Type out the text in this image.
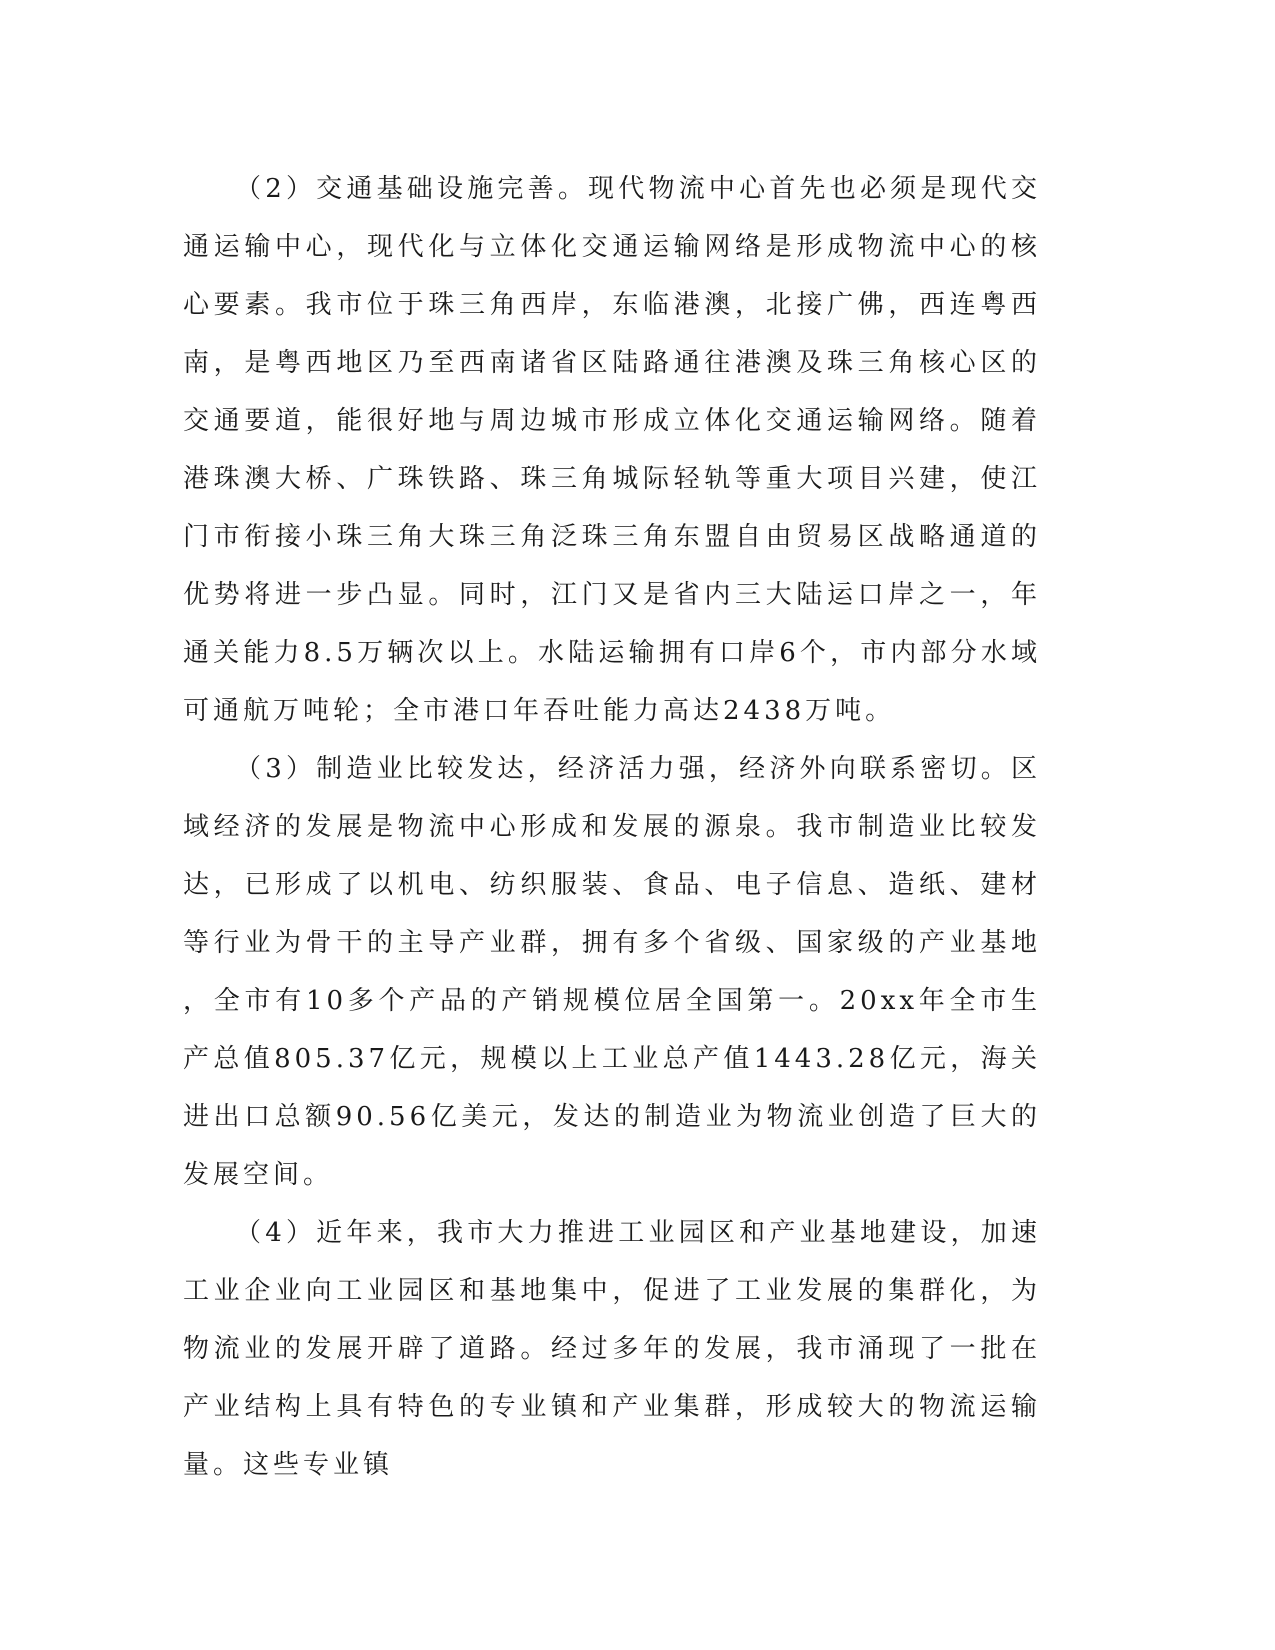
（2）交通基础设施完善。现代物流中心首先也必须是现代交通运输中心，现代化与立体化交通运输网络是形成物流中心的核心要素。我市位于珠三角西岸，东临港澳，北接广佛，西连粤西南，是粤西地区乃至西南诸省区陆路通往港澳及珠三角核心区的交通要道，能很好地与周边城市形成立体化交通运输网络。随着港珠澳大桥、广珠铁路、珠三角城际轻轨等重大项目兴建，使江门市衔接小珠三角大珠三角泛珠三角东盟自由贸易区战略通道的优势将进一步凸显。同时，江门又是省内三大陆运口岸之一，年通关能力8.5万辆次以上。水陆运输拥有口岸6个，市内部分水域可通航万吨轮；全市港口年吞吐能力高达2438万吨。

（3）制造业比较发达，经济活力强，经济外向联系密切。区域经济的发展是物流中心形成和发展的源泉。我市制造业比较发达，已形成了以机电、纺织服装、食品、电子信息、造纸、建材等行业为骨干的主导产业群，拥有多个省级、国家级的产业基地，全市有10多个产品的产销规模位居全国第一。20xx年全市生产总值805.37亿元，规模以上工业总产值1443.28亿元，海关进出口总额90.56亿美元，发达的制造业为物流业创造了巨大的发展空间。

（4）近年来，我市大力推进工业园区和产业基地建设，加速工业企业向工业园区和基地集中，促进了工业发展的集群化，为物流业的发展开辟了道路。经过多年的发展，我市涌现了一批在产业结构上具有特色的专业镇和产业集群，形成较大的物流运输量。这些专业镇
